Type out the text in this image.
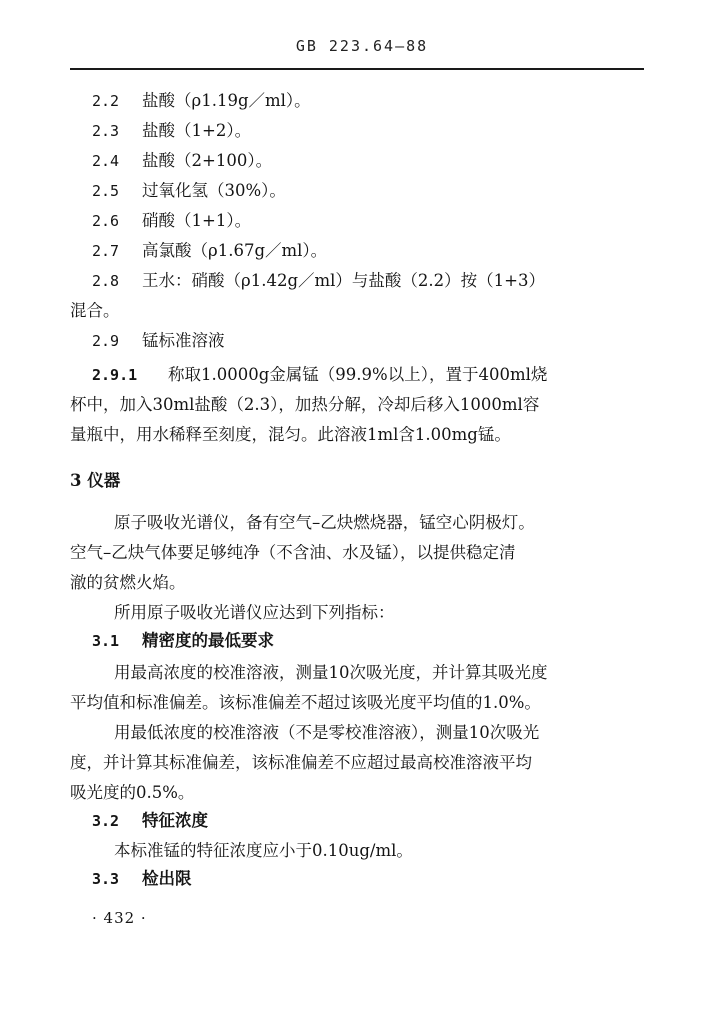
GB 223.64—88
2.2 盐酸（ρ1.19g／ml）。
2.3 盐酸（1+2）。
2.4 盐酸（2+100）。
2.5 过氧化氢（30%）。
2.6 硝酸（1+1）。
2.7 高氯酸（ρ1.67g／ml）。
2.8 王水：硝酸（ρ1.42g／ml）与盐酸（2.2）按（1+3）
混合。
2.9 锰标准溶液
2.9.1 称取1.0000g金属锰（99.9%以上），置于400ml烧
杯中，加入30ml盐酸（2.3），加热分解，冷却后移入1000ml容
量瓶中，用水稀释至刻度，混匀。此溶液1ml含1.00mg锰。
3 仪器
原子吸收光谱仪，备有空气–乙炔燃烧器，锰空心阴极灯。
空气–乙炔气体要足够纯净（不含油、水及锰），以提供稳定清
澈的贫燃火焰。
所用原子吸收光谱仪应达到下列指标：
3.1 精密度的最低要求
用最高浓度的校准溶液，测量10次吸光度，并计算其吸光度
平均值和标准偏差。该标准偏差不超过该吸光度平均值的1.0%。
用最低浓度的校准溶液（不是零校准溶液），测量10次吸光
度，并计算其标准偏差，该标准偏差不应超过最高校准溶液平均
吸光度的0.5%。
3.2 特征浓度
本标准锰的特征浓度应小于0.10ug/ml。
3.3 检出限
· 432 ·
